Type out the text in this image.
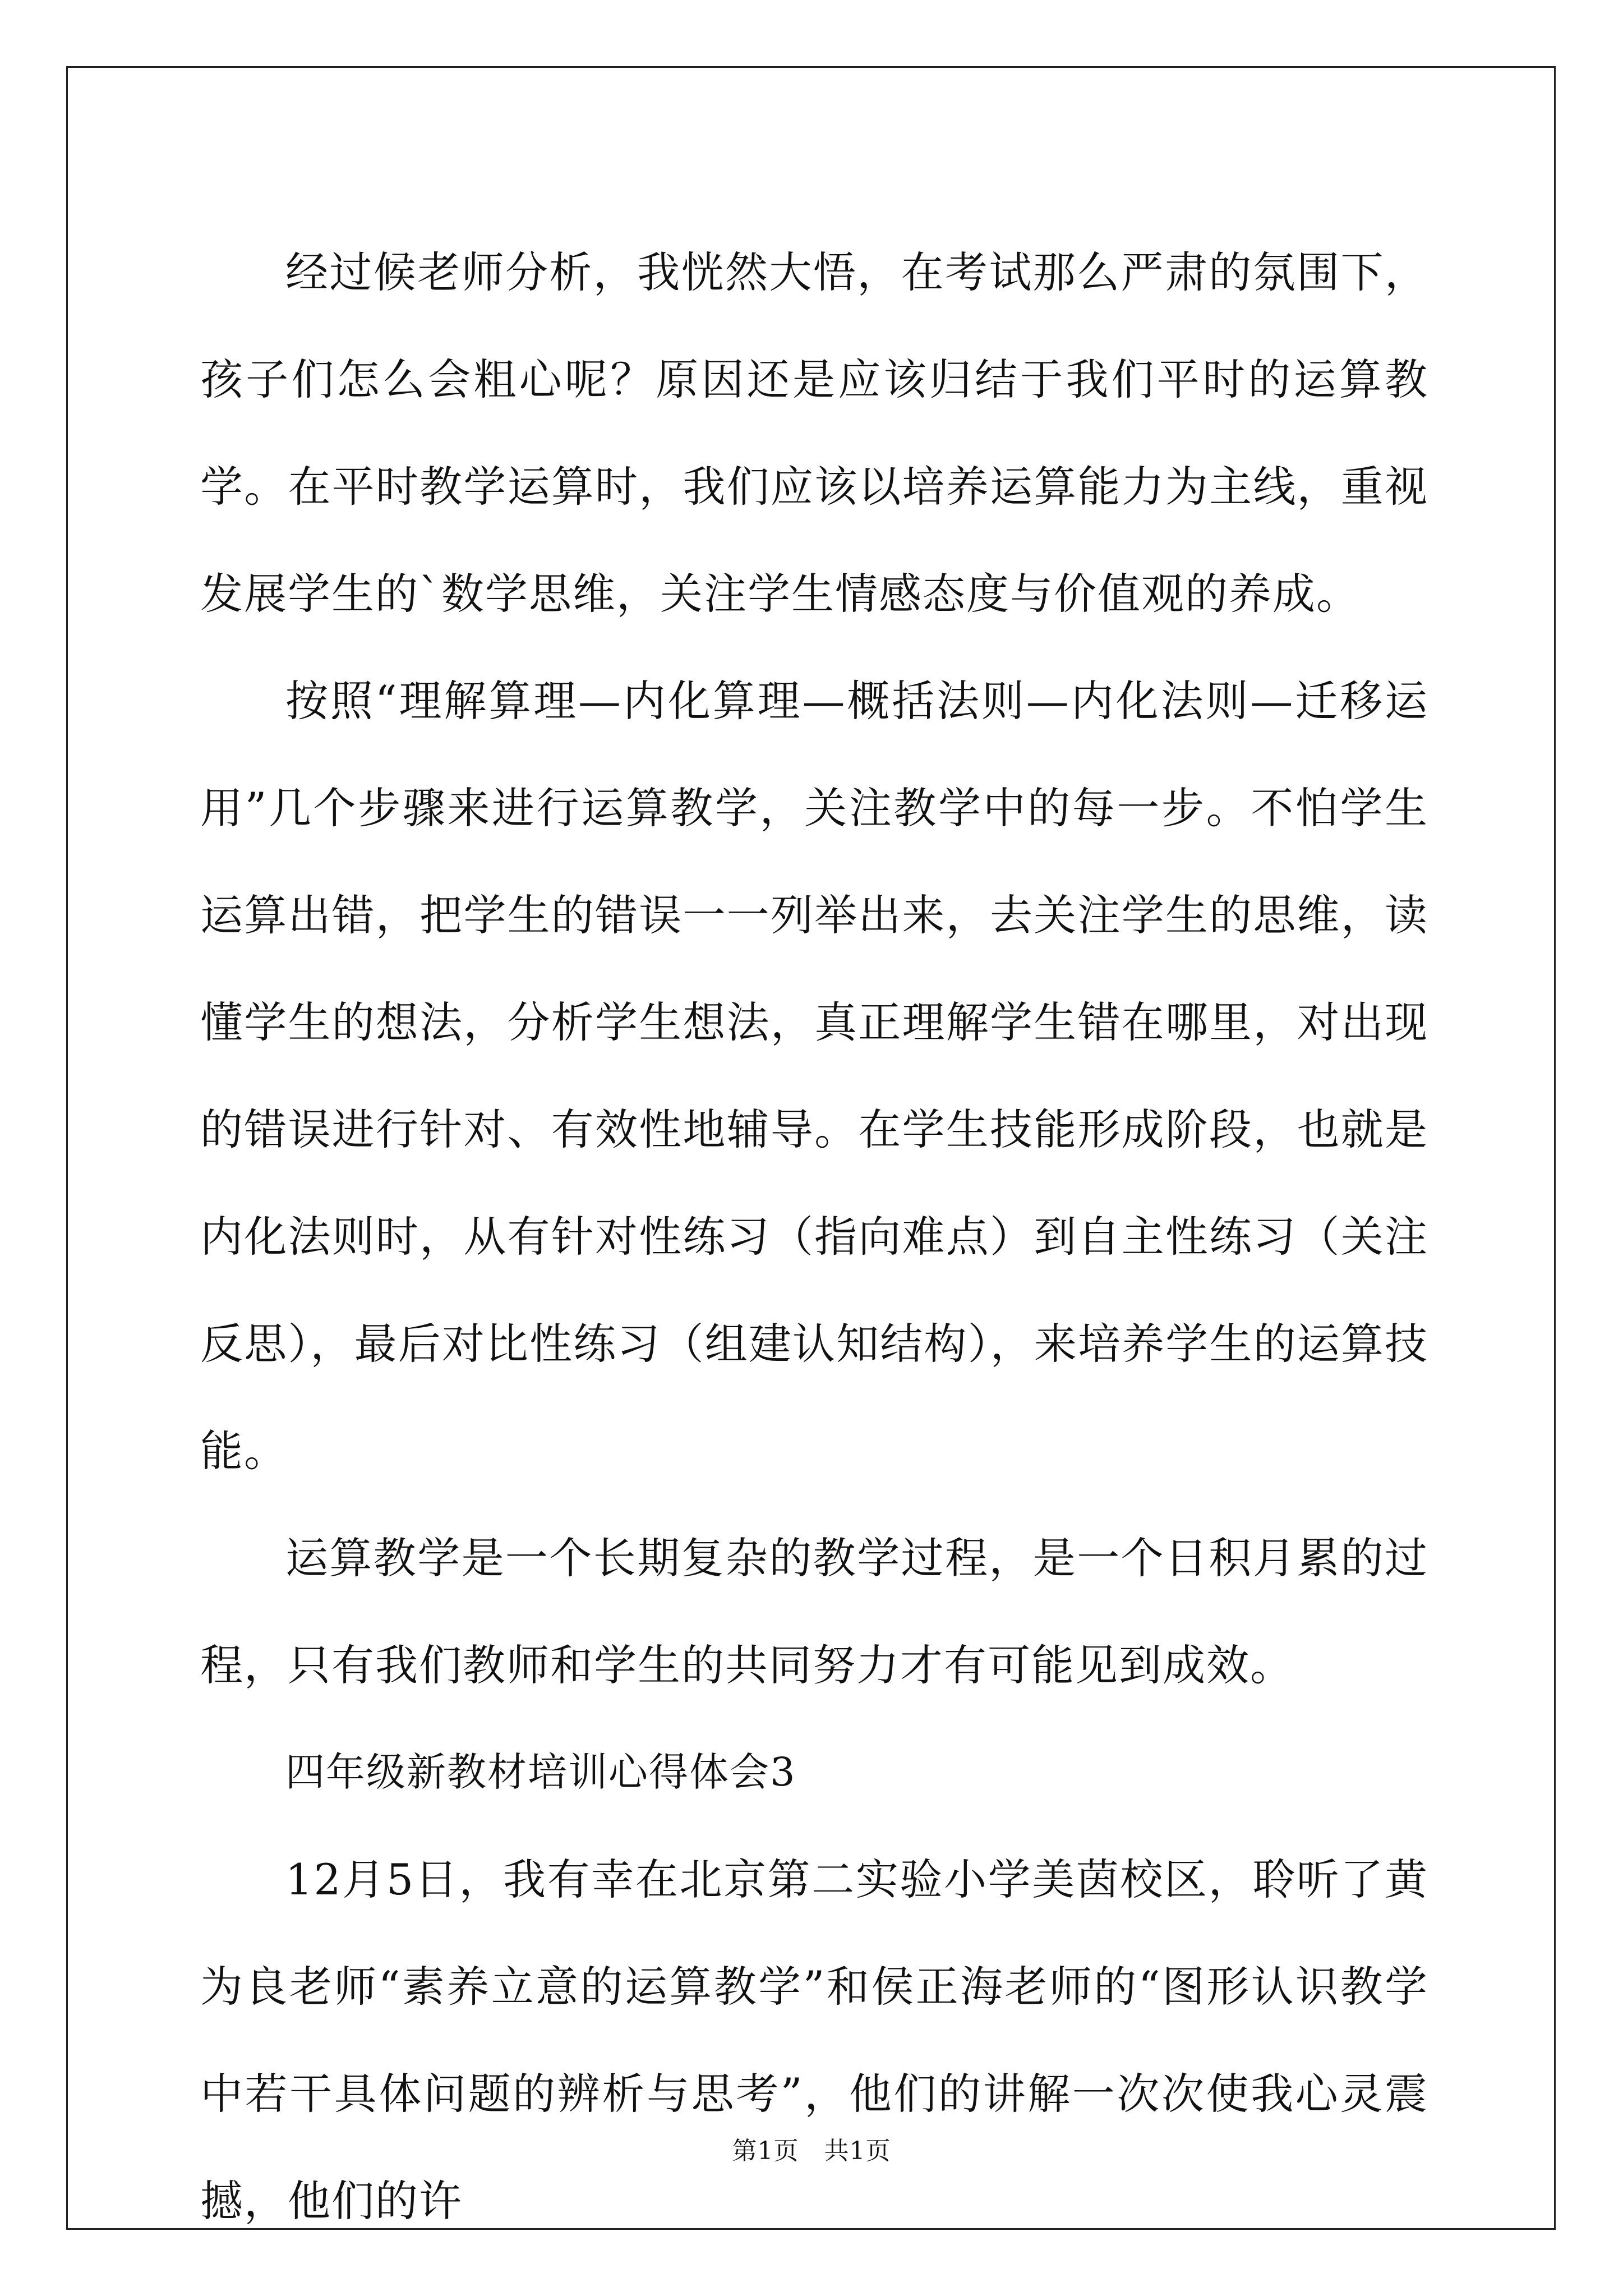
经过候老师分析，我恍然大悟，在考试那么严肃的氛围下，孩子们怎么会粗心呢？原因还是应该归结于我们平时的运算教学。在平时教学运算时，我们应该以培养运算能力为主线，重视发展学生的`数学思维，关注学生情感态度与价值观的养成。

按照“理解算理—内化算理—概括法则—内化法则—迁移运用”几个步骤来进行运算教学，关注教学中的每一步。不怕学生运算出错，把学生的错误一一列举出来，去关注学生的思维，读懂学生的想法，分析学生想法，真正理解学生错在哪里，对出现的错误进行针对、有效性地辅导。在学生技能形成阶段，也就是内化法则时，从有针对性练习（指向难点）到自主性练习（关注反思），最后对比性练习（组建认知结构），来培养学生的运算技能。

运算教学是一个长期复杂的教学过程，是一个日积月累的过程，只有我们教师和学生的共同努力才有可能见到成效。

四年级新教材培训心得体会3

12月5日，我有幸在北京第二实验小学美茵校区，聆听了黄为良老师“素养立意的运算教学”和侯正海老师的“图形认识教学中若干具体问题的辨析与思考”，他们的讲解一次次使我心灵震撼，他们的许

第1页　共1页
